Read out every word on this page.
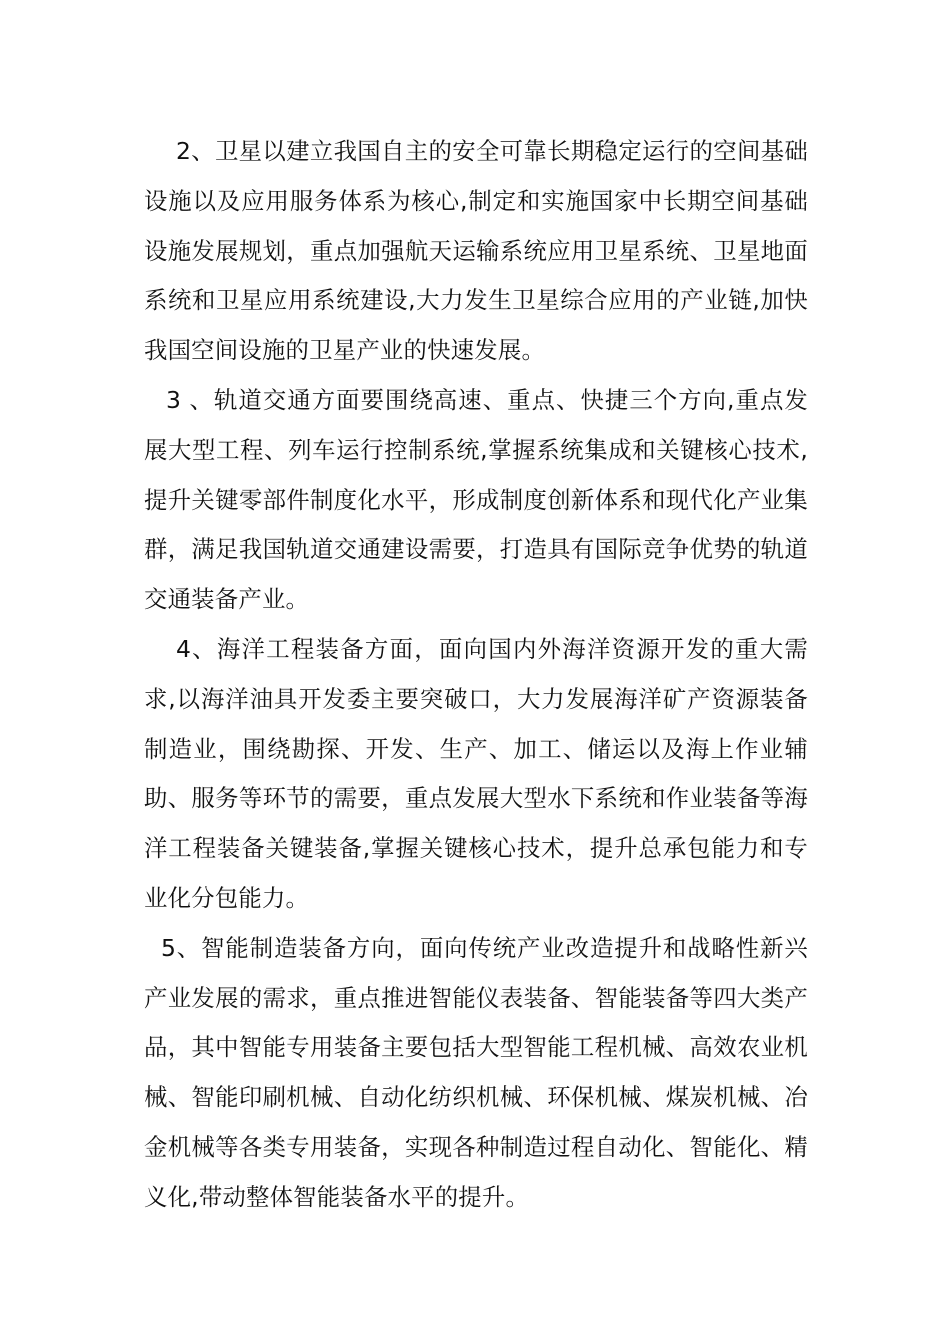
2、卫星以建立我国自主的安全可靠长期稳定运行的空间基础设施以及应用服务体系为核心,制定和实施国家中长期空间基础设施发展规划，重点加强航天运输系统应用卫星系统、卫星地面系统和卫星应用系统建设,大力发生卫星综合应用的产业链,加快我国空间设施的卫星产业的快速发展。

3 、轨道交通方面要围绕高速、重点、快捷三个方向,重点发展大型工程、列车运行控制系统,掌握系统集成和关键核心技术,提升关键零部件制度化水平，形成制度创新体系和现代化产业集群，满足我国轨道交通建设需要，打造具有国际竞争优势的轨道交通装备产业。

4、海洋工程装备方面，面向国内外海洋资源开发的重大需求,以海洋油具开发委主要突破口，大力发展海洋矿产资源装备制造业，围绕勘探、开发、生产、加工、储运以及海上作业辅助、服务等环节的需要，重点发展大型水下系统和作业装备等海洋工程装备关键装备,掌握关键核心技术，提升总承包能力和专业化分包能力。

5、智能制造装备方向，面向传统产业改造提升和战略性新兴产业发展的需求，重点推进智能仪表装备、智能装备等四大类产品，其中智能专用装备主要包括大型智能工程机械、高效农业机械、智能印刷机械、自动化纺织机械、环保机械、煤炭机械、冶金机械等各类专用装备，实现各种制造过程自动化、智能化、精义化,带动整体智能装备水平的提升。
